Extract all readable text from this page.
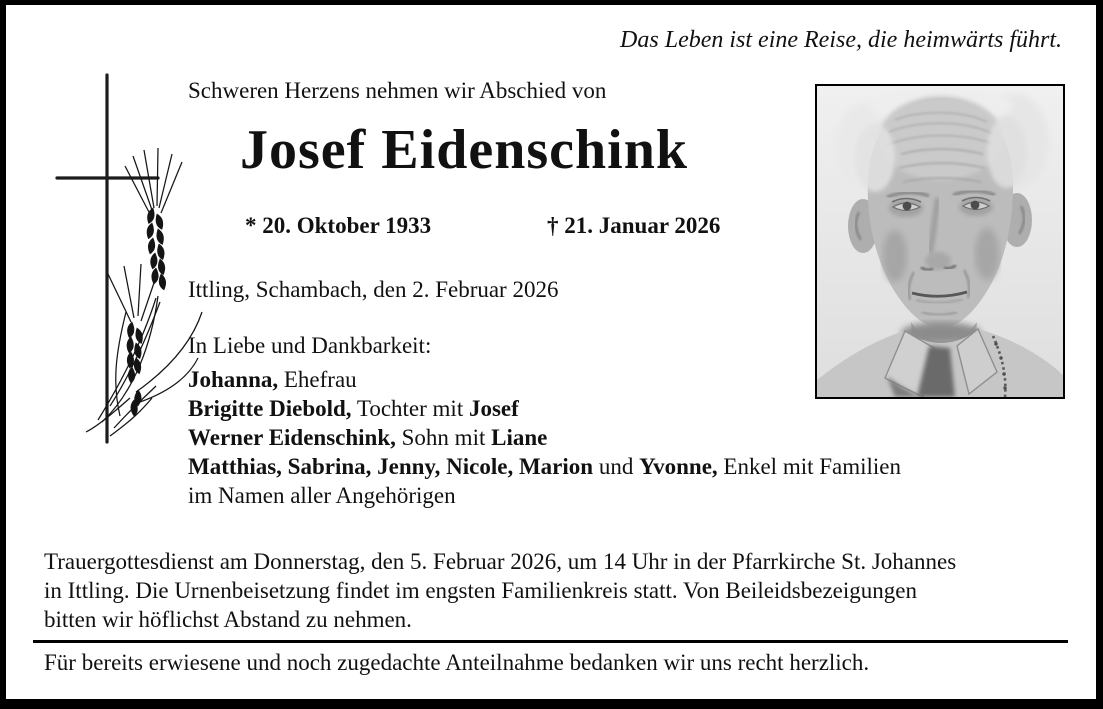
Das Leben ist eine Reise, die heimwärts führt.
Schweren Herzens nehmen wir Abschied von
Josef Eidenschink
* 20. Oktober 1933	† 21. Januar 2026
Ittling, Schambach, den 2. Februar 2026
In Liebe und Dankbarkeit:
Johanna, Ehefrau
Brigitte Diebold, Tochter mit Josef
Werner Eidenschink, Sohn mit Liane
Matthias, Sabrina, Jenny, Nicole, Marion und Yvonne, Enkel mit Familien
im Namen aller Angehörigen
Trauergottesdienst am Donnerstag, den 5. Februar 2026, um 14 Uhr in der Pfarrkirche St. Johannes
in Ittling. Die Urnenbeisetzung findet im engsten Familienkreis statt. Von Beileidsbezeigungen
bitten wir höflichst Abstand zu nehmen.
Für bereits erwiesene und noch zugedachte Anteilnahme bedanken wir uns recht herzlich.
